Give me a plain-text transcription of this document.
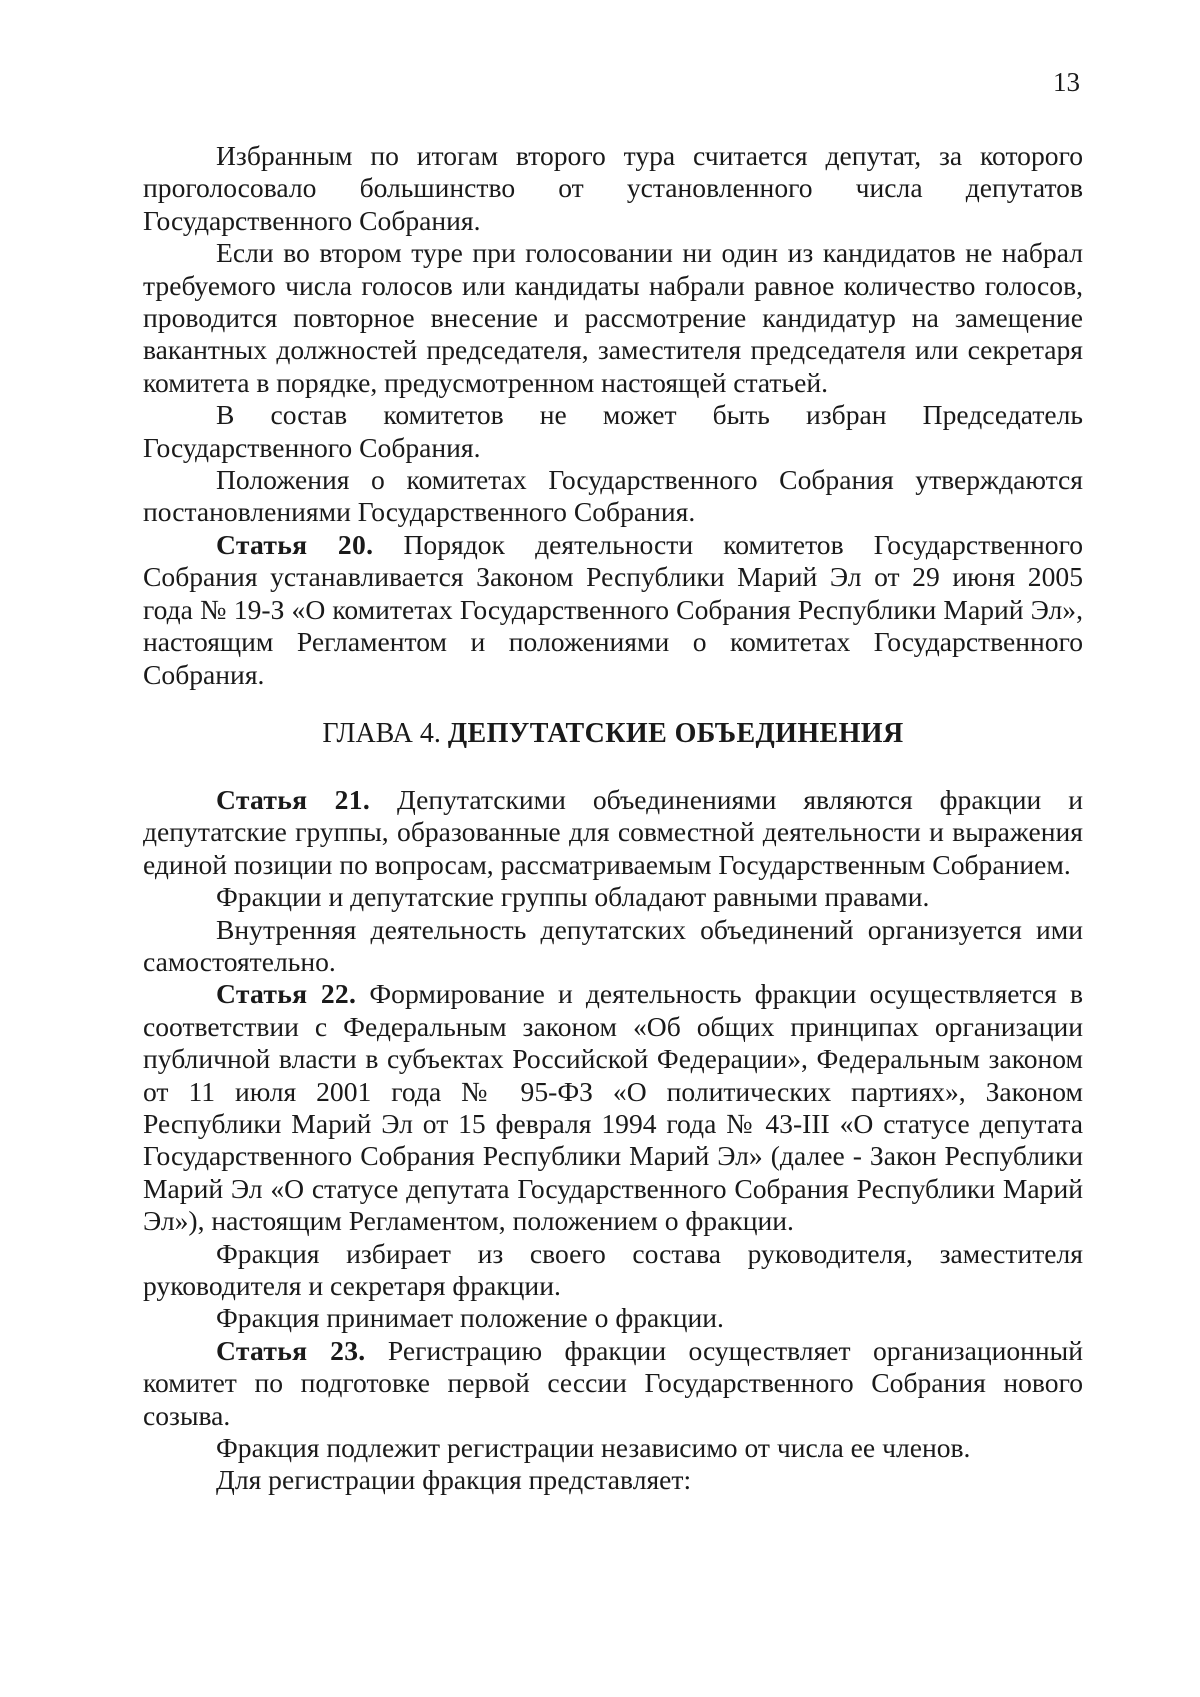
13

Избранным по итогам второго тура считается депутат, за которого проголосовало большинство от установленного числа депутатов Государственного Собрания.

Если во втором туре при голосовании ни один из кандидатов не набрал требуемого числа голосов или кандидаты набрали равное количество голосов, проводится повторное внесение и рассмотрение кандидатур на замещение вакантных должностей председателя, заместителя председателя или секретаря комитета в порядке, предусмотренном настоящей статьей.

В состав комитетов не может быть избран Председатель Государственного Собрания.

Положения о комитетах Государственного Собрания утверждаются постановлениями Государственного Собрания.

Статья 20. Порядок деятельности комитетов Государственного Собрания устанавливается Законом Республики Марий Эл от 29 июня 2005 года № 19-З «О комитетах Государственного Собрания Республики Марий Эл», настоящим Регламентом и положениями о комитетах Государственного Собрания.

ГЛАВА 4. ДЕПУТАТСКИЕ ОБЪЕДИНЕНИЯ

Статья 21. Депутатскими объединениями являются фракции и депутатские группы, образованные для совместной деятельности и выражения единой позиции по вопросам, рассматриваемым Государственным Собранием.

Фракции и депутатские группы обладают равными правами.

Внутренняя деятельность депутатских объединений организуется ими самостоятельно.

Статья 22. Формирование и деятельность фракции осуществляется в соответствии с Федеральным законом «Об общих принципах организации публичной власти в субъектах Российской Федерации», Федеральным законом от 11 июля 2001 года № 95-ФЗ «О политических партиях», Законом Республики Марий Эл от 15 февраля 1994 года № 43-III «О статусе депутата Государственного Собрания Республики Марий Эл» (далее - Закон Республики Марий Эл «О статусе депутата Государственного Собрания Республики Марий Эл»), настоящим Регламентом, положением о фракции.

Фракция избирает из своего состава руководителя, заместителя руководителя и секретаря фракции.

Фракция принимает положение о фракции.

Статья 23. Регистрацию фракции осуществляет организационный комитет по подготовке первой сессии Государственного Собрания нового созыва.

Фракция подлежит регистрации независимо от числа ее членов.

Для регистрации фракция представляет:
